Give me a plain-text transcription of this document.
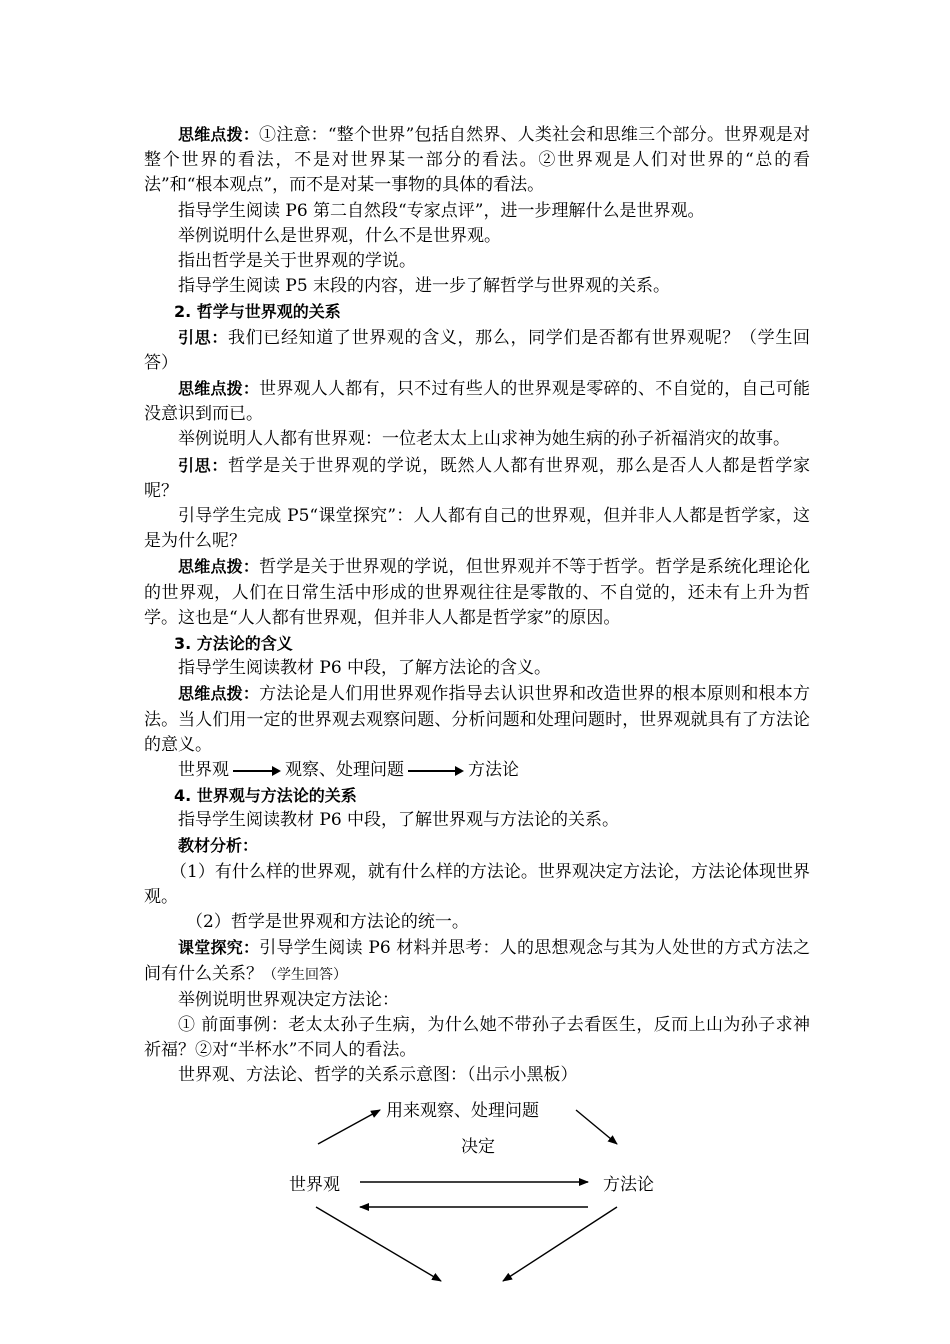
思维点拨：①注意：“整个世界”包括自然界、人类社会和思维三个部分。世界观是对整个世界的看法，不是对世界某一部分的看法。②世界观是人们对世界的“总的看法”和“根本观点”，而不是对某一事物的具体的看法。

指导学生阅读 P6 第二自然段“专家点评”，进一步理解什么是世界观。

举例说明什么是世界观，什么不是世界观。

指出哲学是关于世界观的学说。

指导学生阅读 P5 末段的内容，进一步了解哲学与世界观的关系。

2. 哲学与世界观的关系

引思：我们已经知道了世界观的含义，那么，同学们是否都有世界观呢？（学生回答）

思维点拨：世界观人人都有，只不过有些人的世界观是零碎的、不自觉的，自己可能没意识到而已。

举例说明人人都有世界观：一位老太太上山求神为她生病的孙子祈福消灾的故事。

引思：哲学是关于世界观的学说，既然人人都有世界观，那么是否人人都是哲学家呢？

引导学生完成 P5“课堂探究”：人人都有自己的世界观，但并非人人都是哲学家，这是为什么呢？

思维点拨：哲学是关于世界观的学说，但世界观并不等于哲学。哲学是系统化理论化的世界观，人们在日常生活中形成的世界观往往是零散的、不自觉的，还未有上升为哲学。这也是“人人都有世界观，但并非人人都是哲学家”的原因。

3. 方法论的含义

指导学生阅读教材 P6 中段，了解方法论的含义。

思维点拨：方法论是人们用世界观作指导去认识世界和改造世界的根本原则和根本方法。当人们用一定的世界观去观察问题、分析问题和处理问题时，世界观就具有了方法论的意义。

世界观	观察、处理问题	方法论

4. 世界观与方法论的关系

指导学生阅读教材 P6 中段，了解世界观与方法论的关系。

教材分析：

（1）有什么样的世界观，就有什么样的方法论。世界观决定方法论，方法论体现世界观。

（2）哲学是世界观和方法论的统一。

课堂探究：引导学生阅读 P6 材料并思考：人的思想观念与其为人处世的方式方法之间有什么关系？（学生回答）

举例说明世界观决定方法论：

① 前面事例：老太太孙子生病，为什么她不带孙子去看医生，反而上山为孙子求神祈福？②对“半杯水”不同人的看法。

世界观、方法论、哲学的关系示意图：（出示小黑板）

用来观察、处理问题
决定
世界观	方法论
